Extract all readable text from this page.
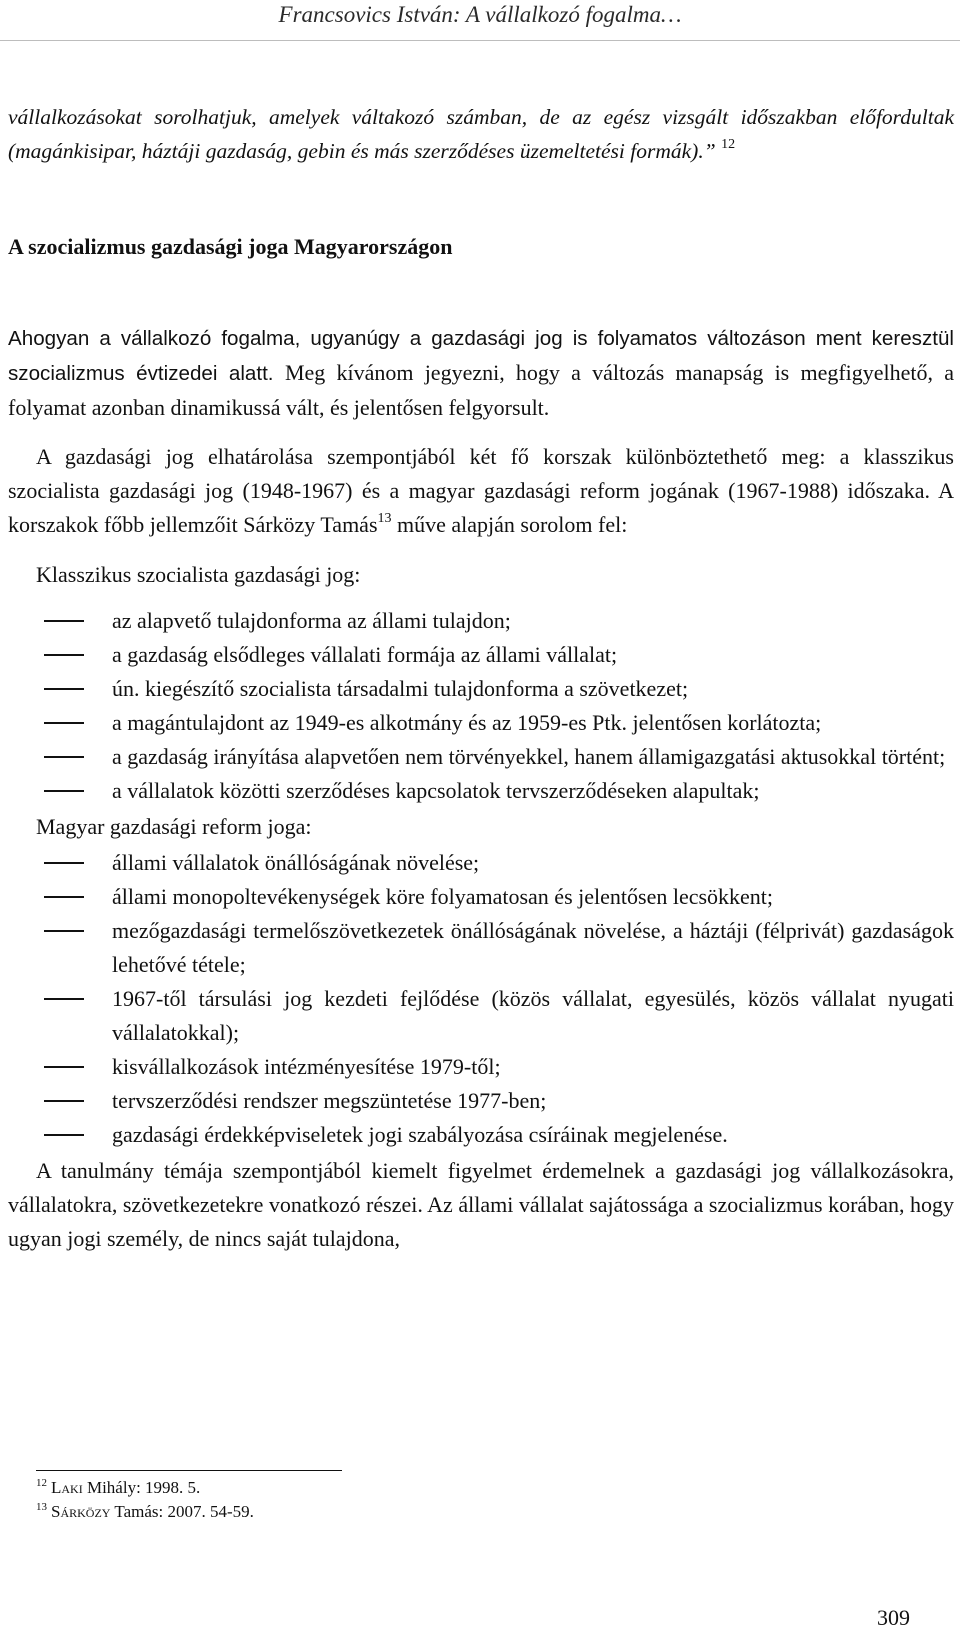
Francsovics István: A vállalkozó fogalma…

vállalkozásokat sorolhatjuk, amelyek váltakozó számban, de az egész vizsgált időszakban előfordultak (magánkisipar, háztáji gazdaság, gebin és más szerződéses üzemeltetési formák).” $^{12}$

A szocializmus gazdasági joga Magyarországon

Ahogyan a vállalkozó fogalma, ugyanúgy a gazdasági jog is folyamatos változáson ment keresztül szocializmus évtizedei alatt. Meg kívánom jegyezni, hogy a változás manapság is megfigyelhető, a folyamat azonban dinamikussá vált, és jelentősen felgyorsult.

A gazdasági jog elhatárolása szempontjából két fő korszak különböztethető meg: a klasszikus szocialista gazdasági jog (1948-1967) és a magyar gazdasági reform jogának (1967-1988) időszaka. A korszakok főbb jellemzőit Sárközy Tamás$^{13}$ műve alapján sorolom fel:

Klasszikus szocialista gazdasági jog:
az alapvető tulajdonforma az állami tulajdon;
a gazdaság elsődleges vállalati formája az állami vállalat;
ún. kiegészítő szocialista társadalmi tulajdonforma a szövetkezet;
a magántulajdont az 1949-es alkotmány és az 1959-es Ptk. jelentősen korlátozta;
a gazdaság irányítása alapvetően nem törvényekkel, hanem államigazgatási aktusokkal történt;
a vállalatok közötti szerződéses kapcsolatok tervszerződéseken alapultak;
Magyar gazdasági reform joga:
állami vállalatok önállóságának növelése;
állami monopoltevékenységek köre folyamatosan és jelentősen lecsökkent;
mezőgazdasági termelőszövetkezetek önállóságának növelése, a háztáji (félprivát) gazdaságok lehetővé tétele;
1967-től társulási jog kezdeti fejlődése (közös vállalat, egyesülés, közös vállalat nyugati vállalatokkal);
kisvállalkozások intézményesítése 1979-től;
tervszerződési rendszer megszüntetése 1977-ben;
gazdasági érdekképviseletek jogi szabályozása csíráinak megjelenése.

A tanulmány témája szempontjából kiemelt figyelmet érdemelnek a gazdasági jog vállalkozásokra, vállalatokra, szövetkezetekre vonatkozó részei. Az állami vállalat sajátossága a szocializmus korában, hogy ugyan jogi személy, de nincs saját tulajdona,

$^{12}$ Laki Mihály: 1998. 5.
$^{13}$ Sárközy Tamás: 2007. 54-59.
309
